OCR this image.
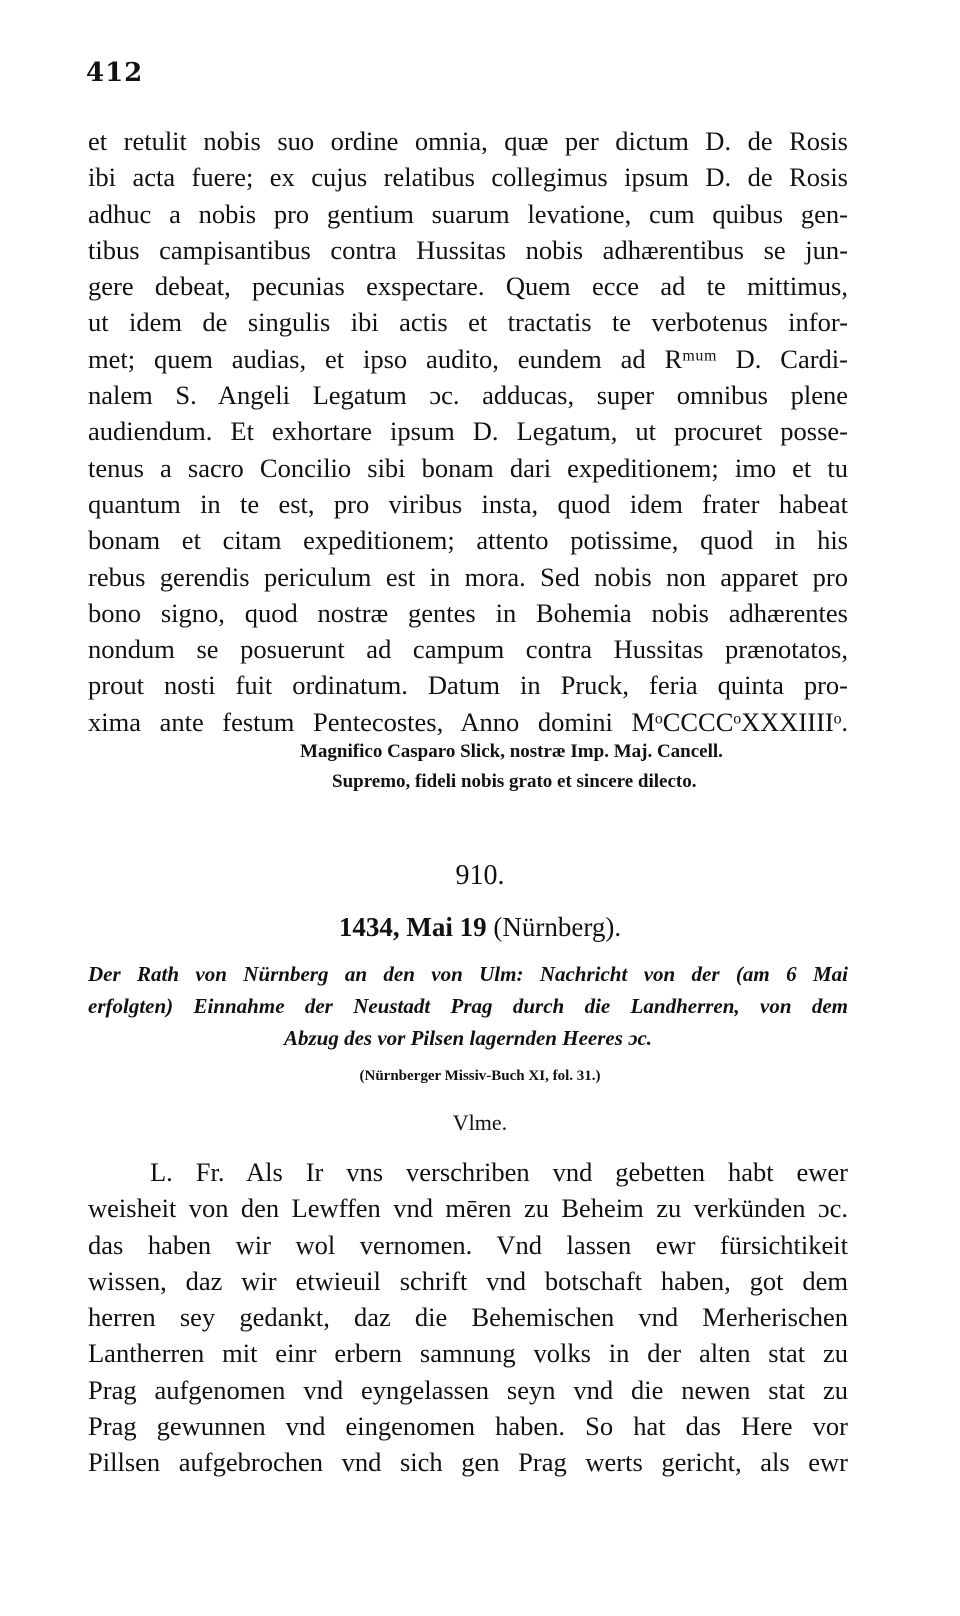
412
et retulit nobis suo ordine omnia, quæ per dictum D. de Rosis
ibi acta fuere; ex cujus relatibus collegimus ipsum D. de Rosis
adhuc a nobis pro gentium suarum levatione, cum quibus gen-
tibus campisantibus contra Hussitas nobis adhærentibus se jun-
gere debeat, pecunias exspectare. Quem ecce ad te mittimus,
ut idem de singulis ibi actis et tractatis te verbotenus infor-
met; quem audias, et ipso audito, eundem ad Rᵐᵘᵐ D. Cardi-
nalem S. Angeli Legatum ɔc. adducas, super omnibus plene
audiendum. Et exhortare ipsum D. Legatum, ut procuret posse-
tenus a sacro Concilio sibi bonam dari expeditionem; imo et tu
quantum in te est, pro viribus insta, quod idem frater habeat
bonam et citam expeditionem; attento potissime, quod in his
rebus gerendis periculum est in mora. Sed nobis non apparet pro
bono signo, quod nostræ gentes in Bohemia nobis adhærentes
nondum se posuerunt ad campum contra Hussitas prænotatos,
prout nosti fuit ordinatum. Datum in Pruck, feria quinta pro-
xima ante festum Pentecostes, Anno domini MᵒCCCCᵒXXXIIIIᵒ.
Magnifico Casparo Slick, nostræ Imp. Maj. Cancell.
Supremo, fideli nobis grato et sincere dilecto.
910.
1434, Mai 19 (Nürnberg).
Der Rath von Nürnberg an den von Ulm: Nachricht von der (am 6 Mai
erfolgten) Einnahme der Neustadt Prag durch die Landherren, von dem
Abzug des vor Pilsen lagernden Heeres ɔc.
(Nürnberger Missiv-Buch XI, fol. 31.)
Vlme.
L. Fr. Als Ir vns verschriben vnd gebetten habt ewer
weisheit von den Lewffen vnd mēren zu Beheim zu verkünden ɔc.
das haben wir wol vernomen. Vnd lassen ewr fürsichtikeit
wissen, daz wir etwieuil schrift vnd botschaft haben, got dem
herren sey gedankt, daz die Behemischen vnd Merherischen
Lantherren mit einr erbern samnung volks in der alten stat zu
Prag aufgenomen vnd eyngelassen seyn vnd die newen stat zu
Prag gewunnen vnd eingenomen haben. So hat das Here vor
Pillsen aufgebrochen vnd sich gen Prag werts gericht, als ewr
